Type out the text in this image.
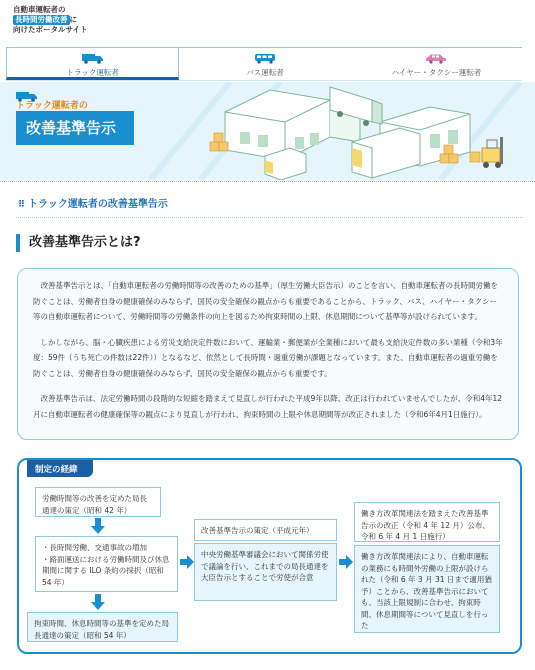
自動車運転者の
長時間労働改善 に
向けたポータルサイト
トラック運転者	バス運転者	ハイヤー・タクシー運転者
トラック運転者の
改善基準告示
⠿ トラック運転者の改善基準告示
改善基準告示とは?

改善基準告示とは、「自動車運転者の労働時間等の改善のための基準」（厚生労働大臣告示）のことを言い、自動車運転者の長時間労働を防ぐことは、労働者自身の健康確保のみならず、国民の安全確保の観点からも重要であることから、トラック、バス、ハイヤー・タクシー等の自動車運転者について、労働時間等の労働条件の向上を図るため拘束時間の上限、休息期間について基準等が設けられています。

しかしながら、脳・心臓疾患による労災支給決定件数において、運輸業・郵便業が全業種において最も支給決定件数の多い業種（令和3年度：59件（うち死亡の件数は22件））となるなど、依然として長時間・過重労働が課題となっています。また、自動車運転者の過重労働を防ぐことは、労働者自身の健康確保のみならず、国民の安全確保の観点からも重要です。

改善基準告示は、法定労働時間の段階的な短縮を踏まえて見直しが行われた平成9年以降、改正は行われていませんでしたが、令和4年12月に自動車運転者の健康確保等の観点により見直しが行われ、拘束時間の上限や休息期間等が改正されました（令和6年4月1日施行）。

制定の経緯
労働時間等の改善を定めた局長通達の策定（昭和 42 年）
・長時間労働、交通事故の増加
・路面運送における労働時間及び休息期間に関する ILO 条約の採択（昭和 54 年）
拘束時間、休息時間等の基準を定めた局長通達の策定（昭和 54 年）
改善基準告示の策定（平成元年）
中央労働基準審議会において関係労使で議論を行い、これまでの局長通達を大臣告示とすることで労使が合意
働き方改革関連法を踏まえた改善基準告示の改正（令和 4 年 12 月）公布、令和 6 年 4 月 1 日施行）
働き方改革関連法により、自動車運転の業務にも時間外労働の上限が設けられた（令和 6 年 3 月 31 日まで適用猶予）ことから、改善基準告示においても、当該上限規制に合わせ、拘束時間、休息期間等について見直しを行った
